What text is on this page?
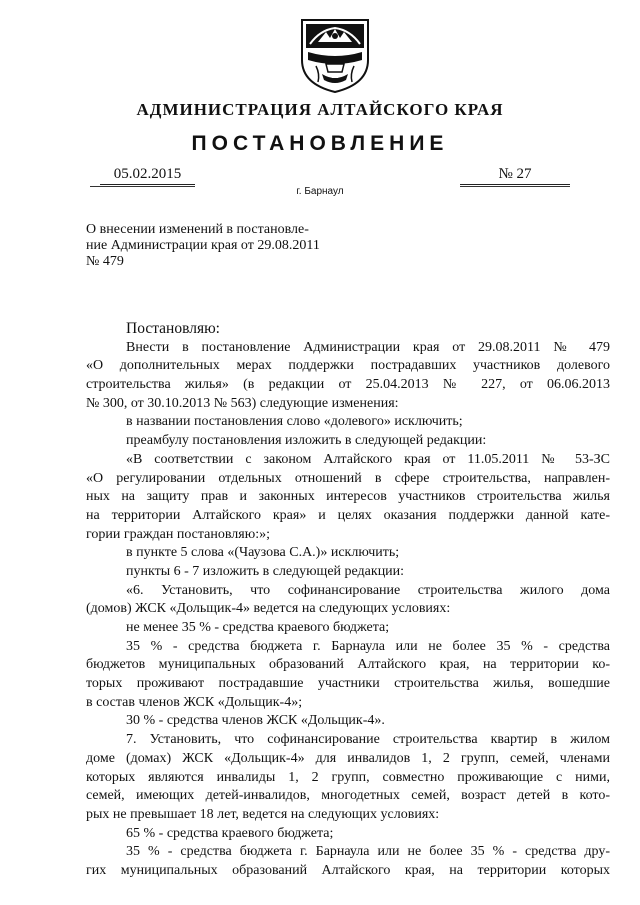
АДМИНИСТРАЦИЯ АЛТАЙСКОГО КРАЯ
ПОСТАНОВЛЕНИЕ
05.02.2015
г. Барнаул
№ 27
О внесении изменений в постановле-
ние Администрации края от 29.08.2011
№ 479
Постановляю:
Внести в постановление Администрации края от 29.08.2011 № 479
«О дополнительных мерах поддержки пострадавших участников долевого
строительства жилья» (в редакции от 25.04.2013 № 227, от 06.06.2013
№ 300, от 30.10.2013 № 563) следующие изменения:
в названии постановления слово «долевого» исключить;
преамбулу постановления изложить в следующей редакции:
«В соответствии с законом Алтайского края от 11.05.2011 № 53-ЗС
«О регулировании отдельных отношений в сфере строительства, направлен-
ных на защиту прав и законных интересов участников строительства жилья
на территории Алтайского края» и целях оказания поддержки данной кате-
гории граждан постановляю:»;
в пункте 5 слова «(Чаузова С.А.)» исключить;
пункты 6 - 7 изложить в следующей редакции:
«6. Установить, что софинансирование строительства жилого дома
(домов) ЖСК «Дольщик-4» ведется на следующих условиях:
не менее 35 % - средства краевого бюджета;
35 % - средства бюджета г. Барнаула или не более 35 % - средства
бюджетов муниципальных образований Алтайского края, на территории ко-
торых проживают пострадавшие участники строительства жилья, вошедшие
в состав членов ЖСК «Дольщик-4»;
30 % - средства членов ЖСК «Дольщик-4».
7. Установить, что софинансирование строительства квартир в жилом
доме (домах) ЖСК «Дольщик-4» для инвалидов 1, 2 групп, семей, членами
которых являются инвалиды 1, 2 групп, совместно проживающие с ними,
семей, имеющих детей-инвалидов, многодетных семей, возраст детей в кото-
рых не превышает 18 лет, ведется на следующих условиях:
65 % - средства краевого бюджета;
35 % - средства бюджета г. Барнаула или не более 35 % - средства дру-
гих муниципальных образований Алтайского края, на территории которых
